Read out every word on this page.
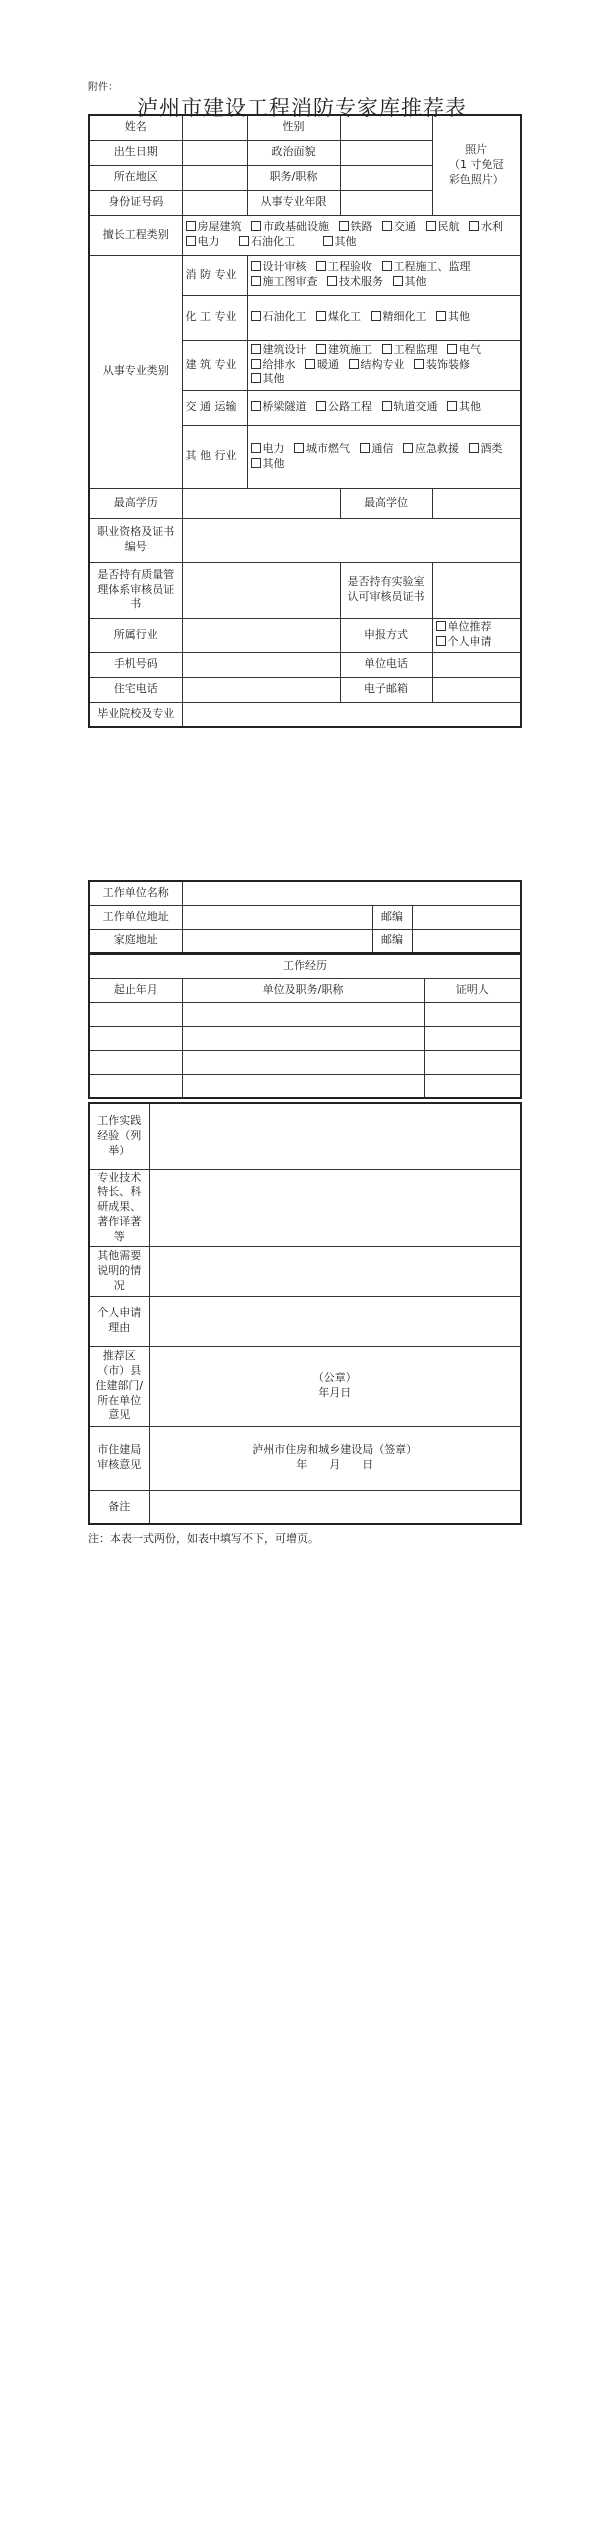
附件：
泸州市建设工程消防专家库推荐表
姓名		性别		照片
（1 寸免冠
彩色照片）

出生日期		政治面貌		
所在地区		职务/职称		
身份证号码		从事专业年限		
擅长工程类别	房屋建筑 市政基础设施 铁路 交通 民航 水利 电力 石油化工 其他			
从事专业类别	消 防 专业	设计审核 工程验收 工程施工、监理 施工图审查 技术服务 其他		
	化 工 专业	石油化工 煤化工 精细化工 其他		
	建 筑 专业	建筑设计 建筑施工 工程监理 电气 给排水 暖通 结构专业 装饰装修 其他		
	交 通 运输	桥梁隧道 公路工程 轨道交通 其他		
	其 他 行业	电力 城市燃气 通信 应急救援 酒类 其他		
最高学历			最高学位	
职业资格及证书编号				
是否持有质量管理体系审核员证书			是否持有实验室认可审核员证书	
所属行业			申报方式	单位推荐
个人申请
手机号码			单位电话	
住宅电话			电子邮箱	
毕业院校及专业				
工作单位名称			
工作单位地址		邮编	
家庭地址		邮编	
工作经历		
起止年月	单位及职务/职称	证明人

工作实践经验（列举）	
专业技术特长、科研成果、著作译著等	
其他需要说明的情况	
个人申请理由	
推荐区（市）县住建部门/所在单位意见	（公章）
年月日

市住建局审核意见	泸州市住房和城乡建设局（签章）
年　　月　　日

备注	
注：本表一式两份，如表中填写不下，可增页。
